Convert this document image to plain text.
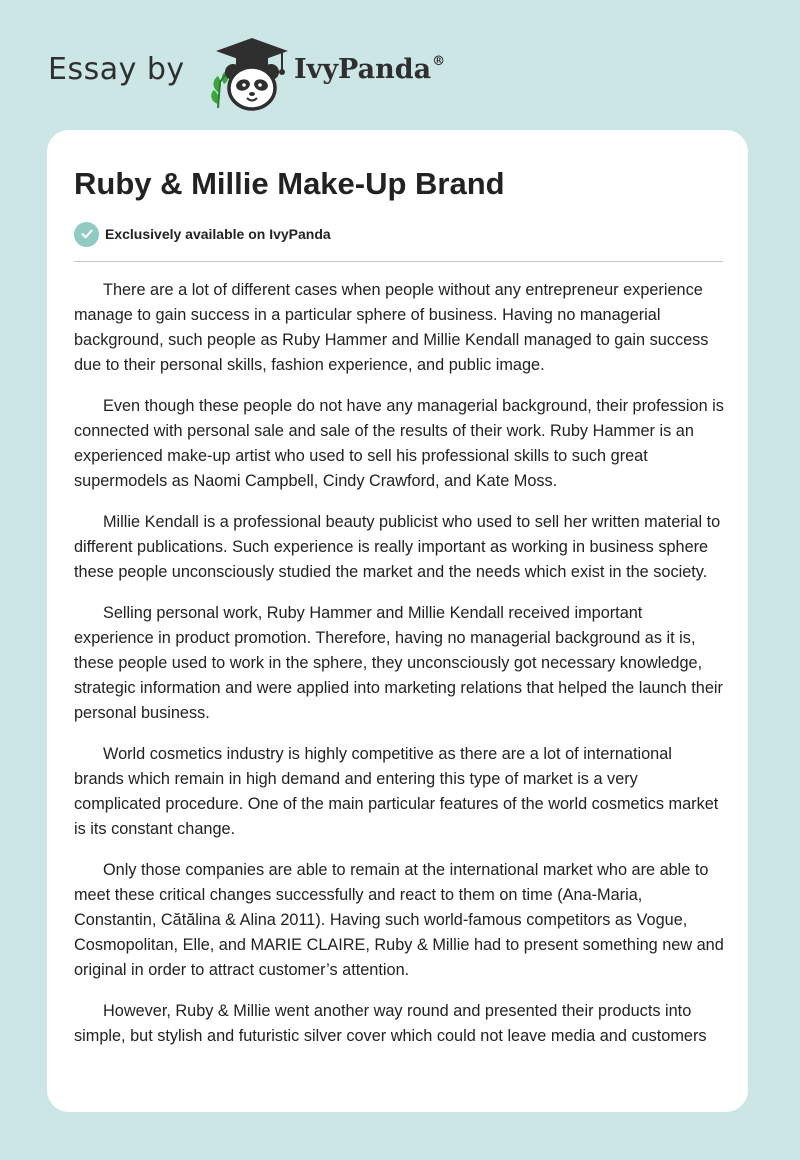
Essay by	IvyPanda®
Ruby & Millie Make-Up Brand
Exclusively available on IvyPanda

There are a lot of different cases when people without any entrepreneur experience manage to gain success in a particular sphere of business. Having no managerial background, such people as Ruby Hammer and Millie Kendall managed to gain success due to their personal skills, fashion experience, and public image.

Even though these people do not have any managerial background, their profession is connected with personal sale and sale of the results of their work. Ruby Hammer is an experienced make-up artist who used to sell his professional skills to such great supermodels as Naomi Campbell, Cindy Crawford, and Kate Moss.

Millie Kendall is a professional beauty publicist who used to sell her written material to different publications. Such experience is really important as working in business sphere these people unconsciously studied the market and the needs which exist in the society.

Selling personal work, Ruby Hammer and Millie Kendall received important experience in product promotion. Therefore, having no managerial background as it is, these people used to work in the sphere, they unconsciously got necessary knowledge, strategic information and were applied into marketing relations that helped the launch their personal business.

World cosmetics industry is highly competitive as there are a lot of international brands which remain in high demand and entering this type of market is a very complicated procedure. One of the main particular features of the world cosmetics market is its constant change.

Only those companies are able to remain at the international market who are able to meet these critical changes successfully and react to them on time (Ana-Maria, Constantin, Cătălina & Alina 2011). Having such world-famous competitors as Vogue, Cosmopolitan, Elle, and MARIE CLAIRE, Ruby & Millie had to present something new and original in order to attract customer’s attention.

However, Ruby & Millie went another way round and presented their products into simple, but stylish and futuristic silver cover which could not leave media and customers
